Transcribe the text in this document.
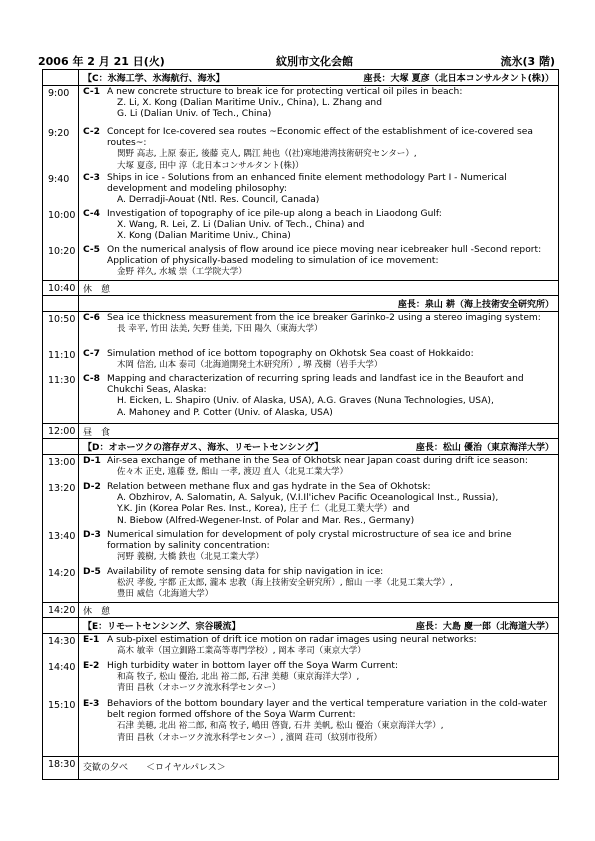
2006 年 2 月 21 日(火)	紋別市文化会館	流氷(3 階)
【C：氷海工学、氷海航行、海氷】	座長：大塚 夏彦（北日本コンサルタント(株)）
9:00	C-1 A new concrete structure to break ice for protecting vertical oil piles in beach:
Z. Li, X. Kong (Dalian Maritime Univ., China), L. Zhang and
G. Li (Dalian Univ. of Tech., China)
9:20	C-2 Concept for Ice-covered sea routes ~Economic effect of the establishment of ice-covered sea routes~:
関野 高志, 上原 泰正, 後藤 克人, 隅江 純也（(社)寒地港湾技術研究センター）,
大塚 夏彦, 田中 淳（北日本コンサルタント(株)）
9:40	C-3 Ships in ice - Solutions from an enhanced finite element methodology Part I - Numerical development and modeling philosophy:
A. Derradji-Aouat (Ntl. Res. Council, Canada)
10:00 C-4 Investigation of topography of ice pile-up along a beach in Liaodong Gulf:
X. Wang, R. Lei, Z. Li (Dalian Univ. of Tech., China) and
X. Kong (Dalian Maritime Univ., China)
10:20 C-5 On the numerical analysis of flow around ice piece moving near icebreaker hull -Second report: Application of physically-based modeling to simulation of ice movement:
金野 祥久, 水城 崇（工学院大学）
10:40 休　憩
座長：泉山 耕（海上技術安全研究所）
10:50 C-6 Sea ice thickness measurement from the ice breaker Garinko-2 using a stereo imaging system:
長 幸平, 竹田 法美, 矢野 佳美, 下田 陽久（東海大学）
11:10 C-7 Simulation method of ice bottom topography on Okhotsk Sea coast of Hokkaido:
木岡 信治, 山本 泰司（北海道開発土木研究所）, 堺 茂樹（岩手大学）
11:30 C-8 Mapping and characterization of recurring spring leads and landfast ice in the Beaufort and Chukchi Seas, Alaska:
H. Eicken, L. Shapiro (Univ. of Alaska, USA), A.G. Graves (Nuna Technologies, USA),
A. Mahoney and P. Cotter (Univ. of Alaska, USA)
12:00 昼　食
【D：オホーツクの溶存ガス、海氷、リモートセンシング】	座長：松山 優治（東京海洋大学）
13:00 D-1 Air-sea exchange of methane in the Sea of Okhotsk near Japan coast during drift ice season:
佐々木 正史, 遠藤 登, 館山 一孝, 渡辺 直人（北見工業大学）
13:20 D-2 Relation between methane flux and gas hydrate in the Sea of Okhotsk:
A. Obzhirov, A. Salomatin, A. Salyuk, (V.I.Il'ichev Pacific Oceanological Inst., Russia),
Y.K. Jin (Korea Polar Res. Inst., Korea), 庄子 仁（北見工業大学）and
N. Biebow (Alfred-Wegener-Inst. of Polar and Mar. Res., Germany)
13:40 D-3 Numerical simulation for development of poly crystal microstructure of sea ice and brine formation by salinity concentration:
河野 義樹, 大橋 鉄也（北見工業大学）
14:20 D-5 Availability of remote sensing data for ship navigation in ice:
松沢 孝俊, 宇都 正太郎, 瀧本 忠教（海上技術安全研究所）, 館山 一孝（北見工業大学）,
豊田 威信（北海道大学）
14:20 休　憩
【E：リモートセンシング、宗谷暖流】	座長：大島 慶一郎（北海道大学）
14:30 E-1 A sub-pixel estimation of drift ice motion on radar images using neural networks:
高木 敏幸（国立釧路工業高等専門学校）, 岡本 孝司（東京大学）
14:40 E-2 High turbidity water in bottom layer off the Soya Warm Current:
和高 牧子, 松山 優治, 北出 裕二郎, 石津 美穂（東京海洋大学）,
青田 昌秋（オホーツク流氷科学センター）
15:10 E-3 Behaviors of the bottom boundary layer and the vertical temperature variation in the cold-water belt region formed offshore of the Soya Warm Current:
石津 美穂, 北出 裕二郎, 和高 牧子, 嶋田 啓資, 石井 美帆, 松山 優治（東京海洋大学）,
青田 昌秋（オホーツク流氷科学センター）, 濱岡 荘司（紋別市役所）
18:30 交歓の夕べ　　＜ロイヤルパレス＞
